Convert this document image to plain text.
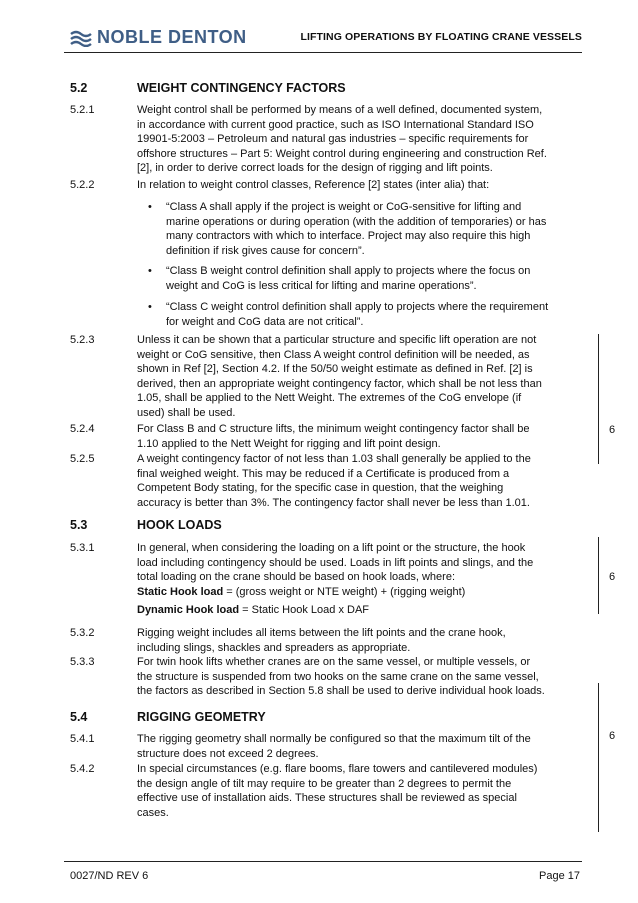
NOBLE DENTON	LIFTING OPERATIONS BY FLOATING CRANE VESSELS
5.2	WEIGHT CONTINGENCY FACTORS
5.2.1	Weight control shall be performed by means of a well defined, documented system,
in accordance with current good practice, such as ISO International Standard ISO
19901-5:2003 – Petroleum and natural gas industries – specific requirements for
offshore structures – Part 5: Weight control during engineering and construction Ref.
[2], in order to derive correct loads for the design of rigging and lift points.
5.2.2	In relation to weight control classes, Reference [2] states (inter alia) that:
• “Class A shall apply if the project is weight or CoG-sensitive for lifting and
marine operations or during operation (with the addition of temporaries) or has
many contractors with which to interface. Project may also require this high
definition if risk gives cause for concern”.
• “Class B weight control definition shall apply to projects where the focus on
weight and CoG is less critical for lifting and marine operations”.
• “Class C weight control definition shall apply to projects where the requirement
for weight and CoG data are not critical”.
5.2.3	Unless it can be shown that a particular structure and specific lift operation are not
weight or CoG sensitive, then Class A weight control definition will be needed, as
shown in Ref [2], Section 4.2. If the 50/50 weight estimate as defined in Ref. [2] is
derived, then an appropriate weight contingency factor, which shall be not less than
1.05, shall be applied to the Nett Weight. The extremes of the CoG envelope (if
used) shall be used.
5.2.4	For Class B and C structure lifts, the minimum weight contingency factor shall be
1.10 applied to the Nett Weight for rigging and lift point design.
5.2.5	A weight contingency factor of not less than 1.03 shall generally be applied to the
final weighed weight. This may be reduced if a Certificate is produced from a
Competent Body stating, for the specific case in question, that the weighing
accuracy is better than 3%. The contingency factor shall never be less than 1.01.
5.3	HOOK LOADS
5.3.1	In general, when considering the loading on a lift point or the structure, the hook
load including contingency should be used. Loads in lift points and slings, and the
total loading on the crane should be based on hook loads, where:
Static Hook load = (gross weight or NTE weight) + (rigging weight)
Dynamic Hook load = Static Hook Load x DAF
5.3.2	Rigging weight includes all items between the lift points and the crane hook,
including slings, shackles and spreaders as appropriate.
5.3.3	For twin hook lifts whether cranes are on the same vessel, or multiple vessels, or
the structure is suspended from two hooks on the same crane on the same vessel,
the factors as described in Section 5.8 shall be used to derive individual hook loads.
5.4	RIGGING GEOMETRY
5.4.1	The rigging geometry shall normally be configured so that the maximum tilt of the
structure does not exceed 2 degrees.
5.4.2	In special circumstances (e.g. flare booms, flare towers and cantilevered modules)
the design angle of tilt may require to be greater than 2 degrees to permit the
effective use of installation aids. These structures shall be reviewed as special
cases.
6
6
6
0027/ND REV 6	Page 17
